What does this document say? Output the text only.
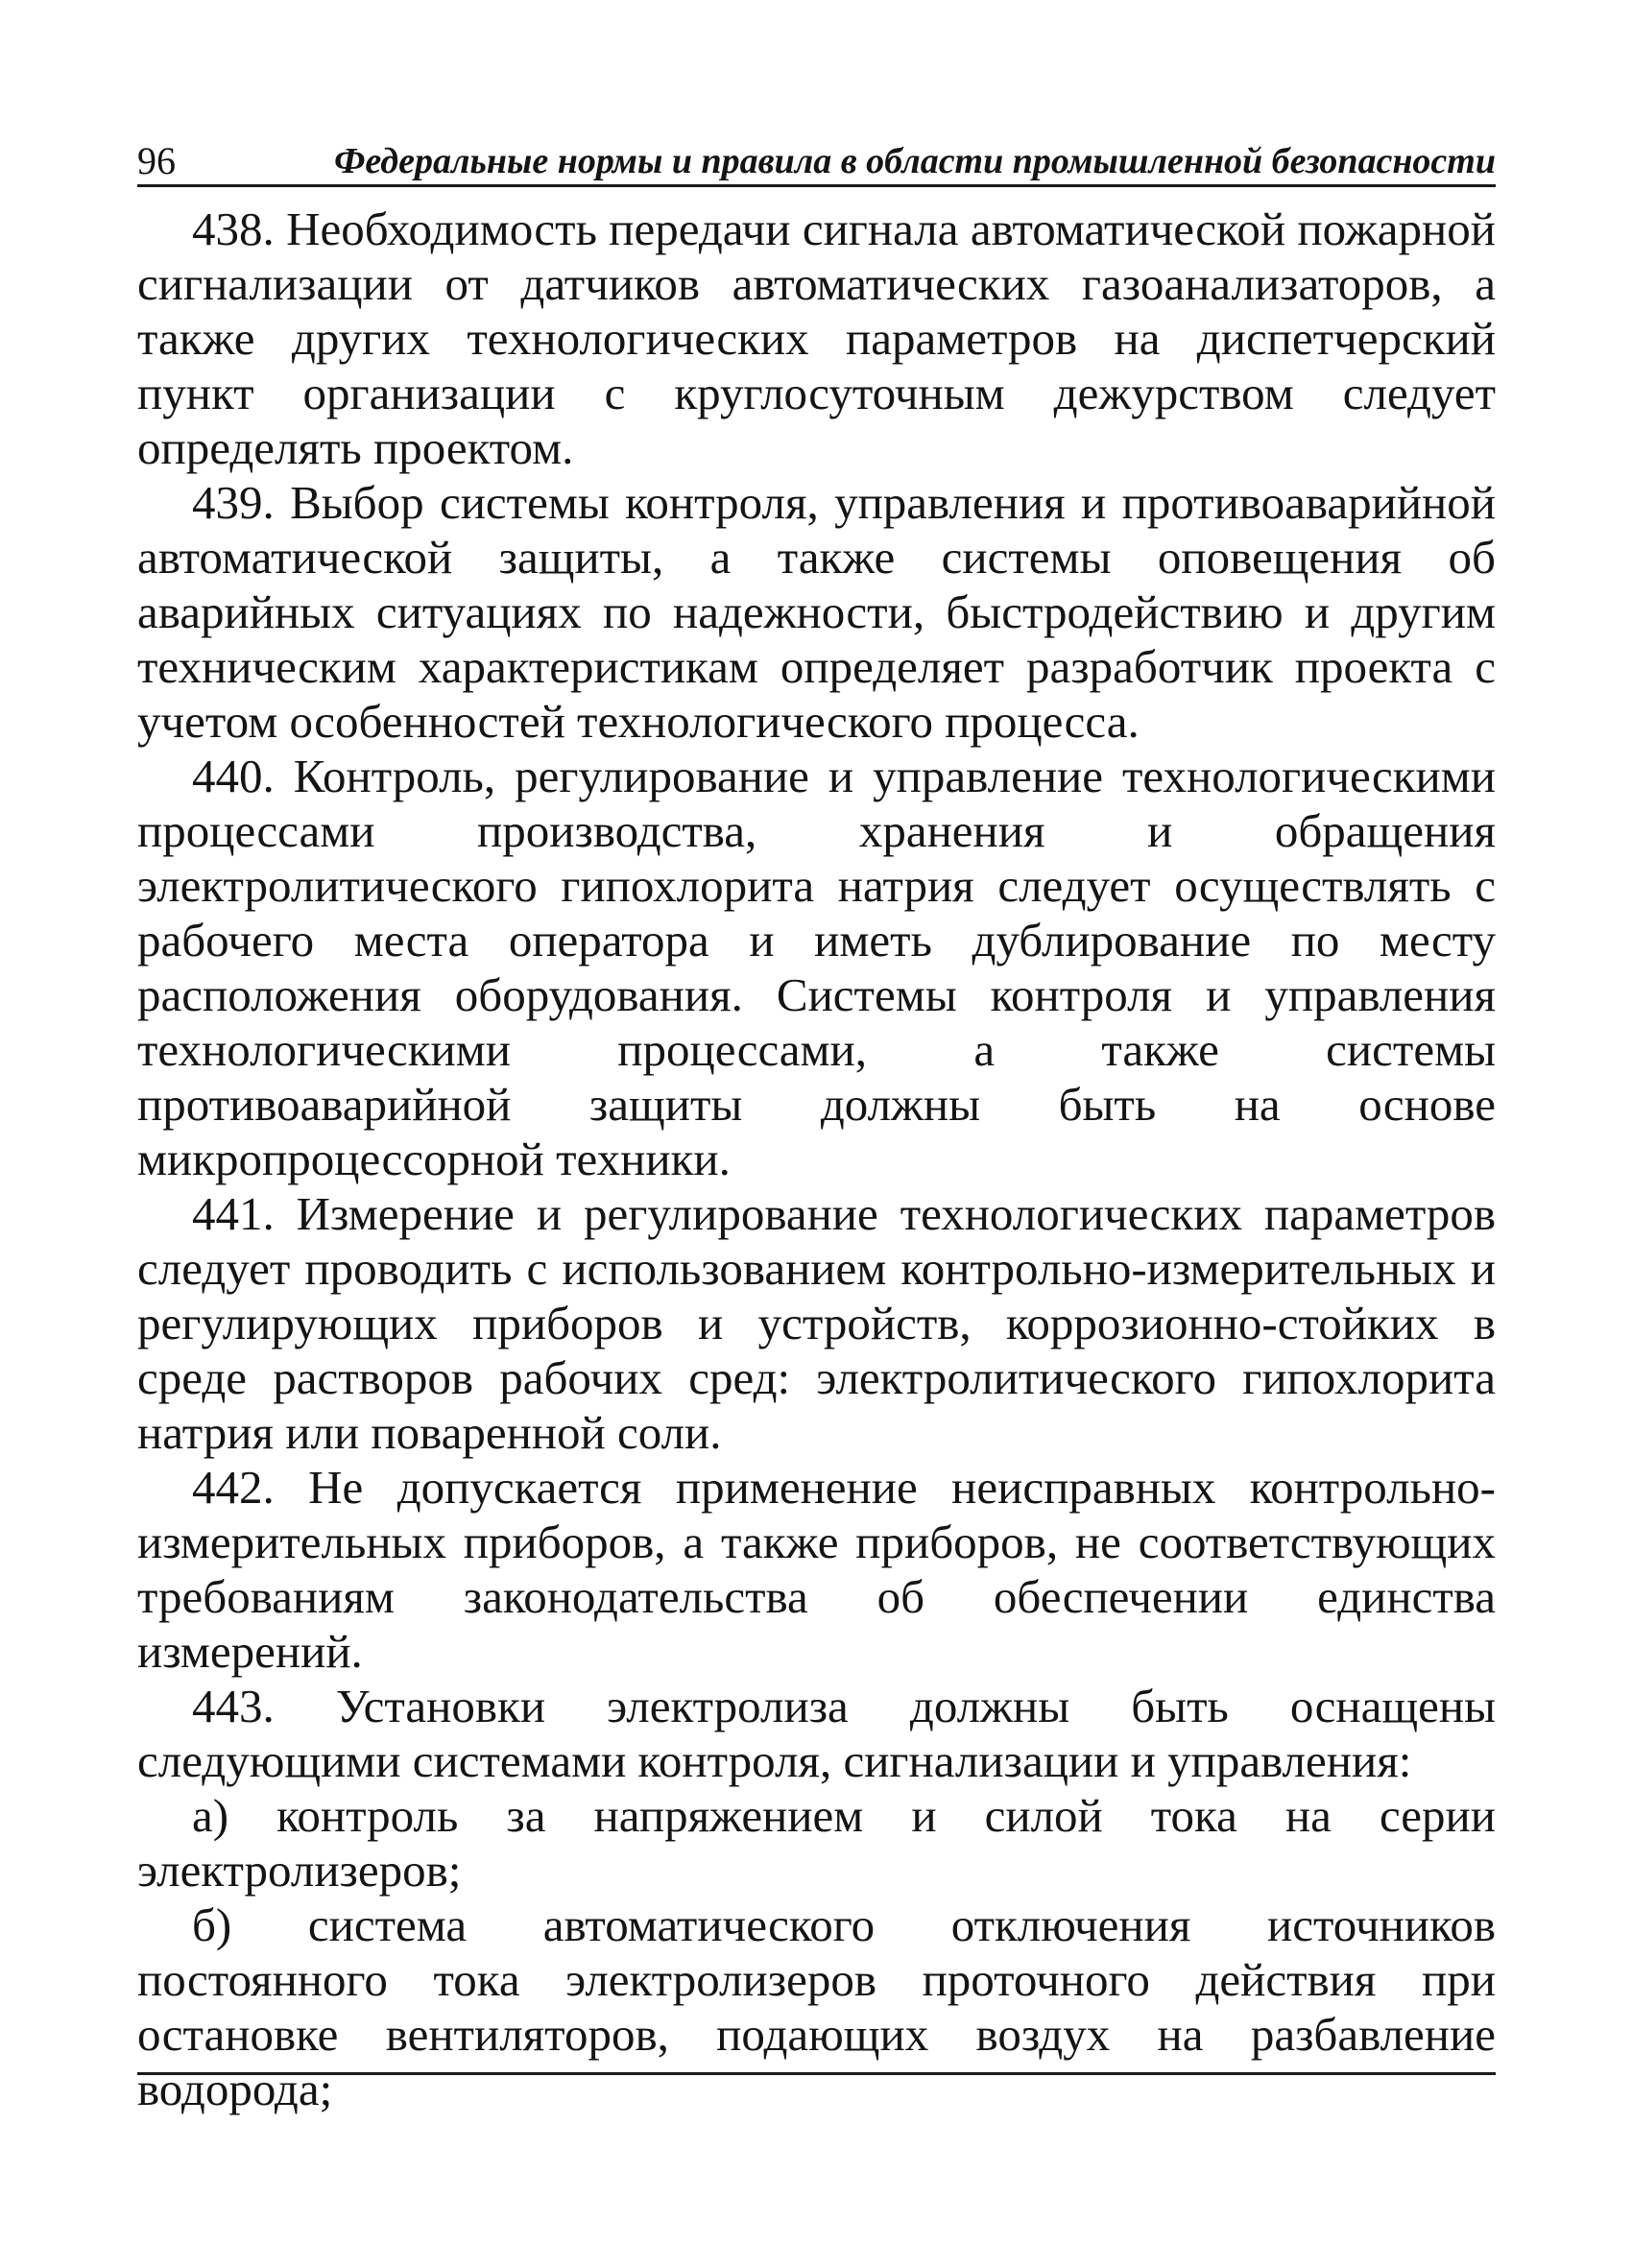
96	Федеральные нормы и правила в области промышленной безопасности

438. Необходимость передачи сигнала автоматической пожарной сигнализации от датчиков автоматических газоанализаторов, а также других технологических параметров на диспетчерский пункт организации с круглосуточным дежурством следует определять проектом.

439. Выбор системы контроля, управления и противоаварийной автоматической защиты, а также системы оповещения об аварийных ситуациях по надежности, быстродействию и другим техническим характеристикам определяет разработчик проекта с учетом особенностей технологического процесса.

440. Контроль, регулирование и управление технологическими процессами производства, хранения и обращения электролитического гипохлорита натрия следует осуществлять с рабочего места оператора и иметь дублирование по месту расположения оборудования. Системы контроля и управления технологическими процессами, а также системы противоаварийной защиты должны быть на основе микропроцессорной техники.

441. Измерение и регулирование технологических параметров следует проводить с использованием контрольно-измерительных и регулирующих приборов и устройств, коррозионно-стойких в среде растворов рабочих сред: электролитического гипохлорита натрия или поваренной соли.

442. Не допускается применение неисправных контрольно-измерительных приборов, а также приборов, не соответствующих требованиям законодательства об обеспечении единства измерений.

443. Установки электролиза должны быть оснащены следующими системами контроля, сигнализации и управления:

а) контроль за напряжением и силой тока на серии электролизеров;

б) система автоматического отключения источников постоянного тока электролизеров проточного действия при остановке вентиляторов, подающих воздух на разбавление водорода;
